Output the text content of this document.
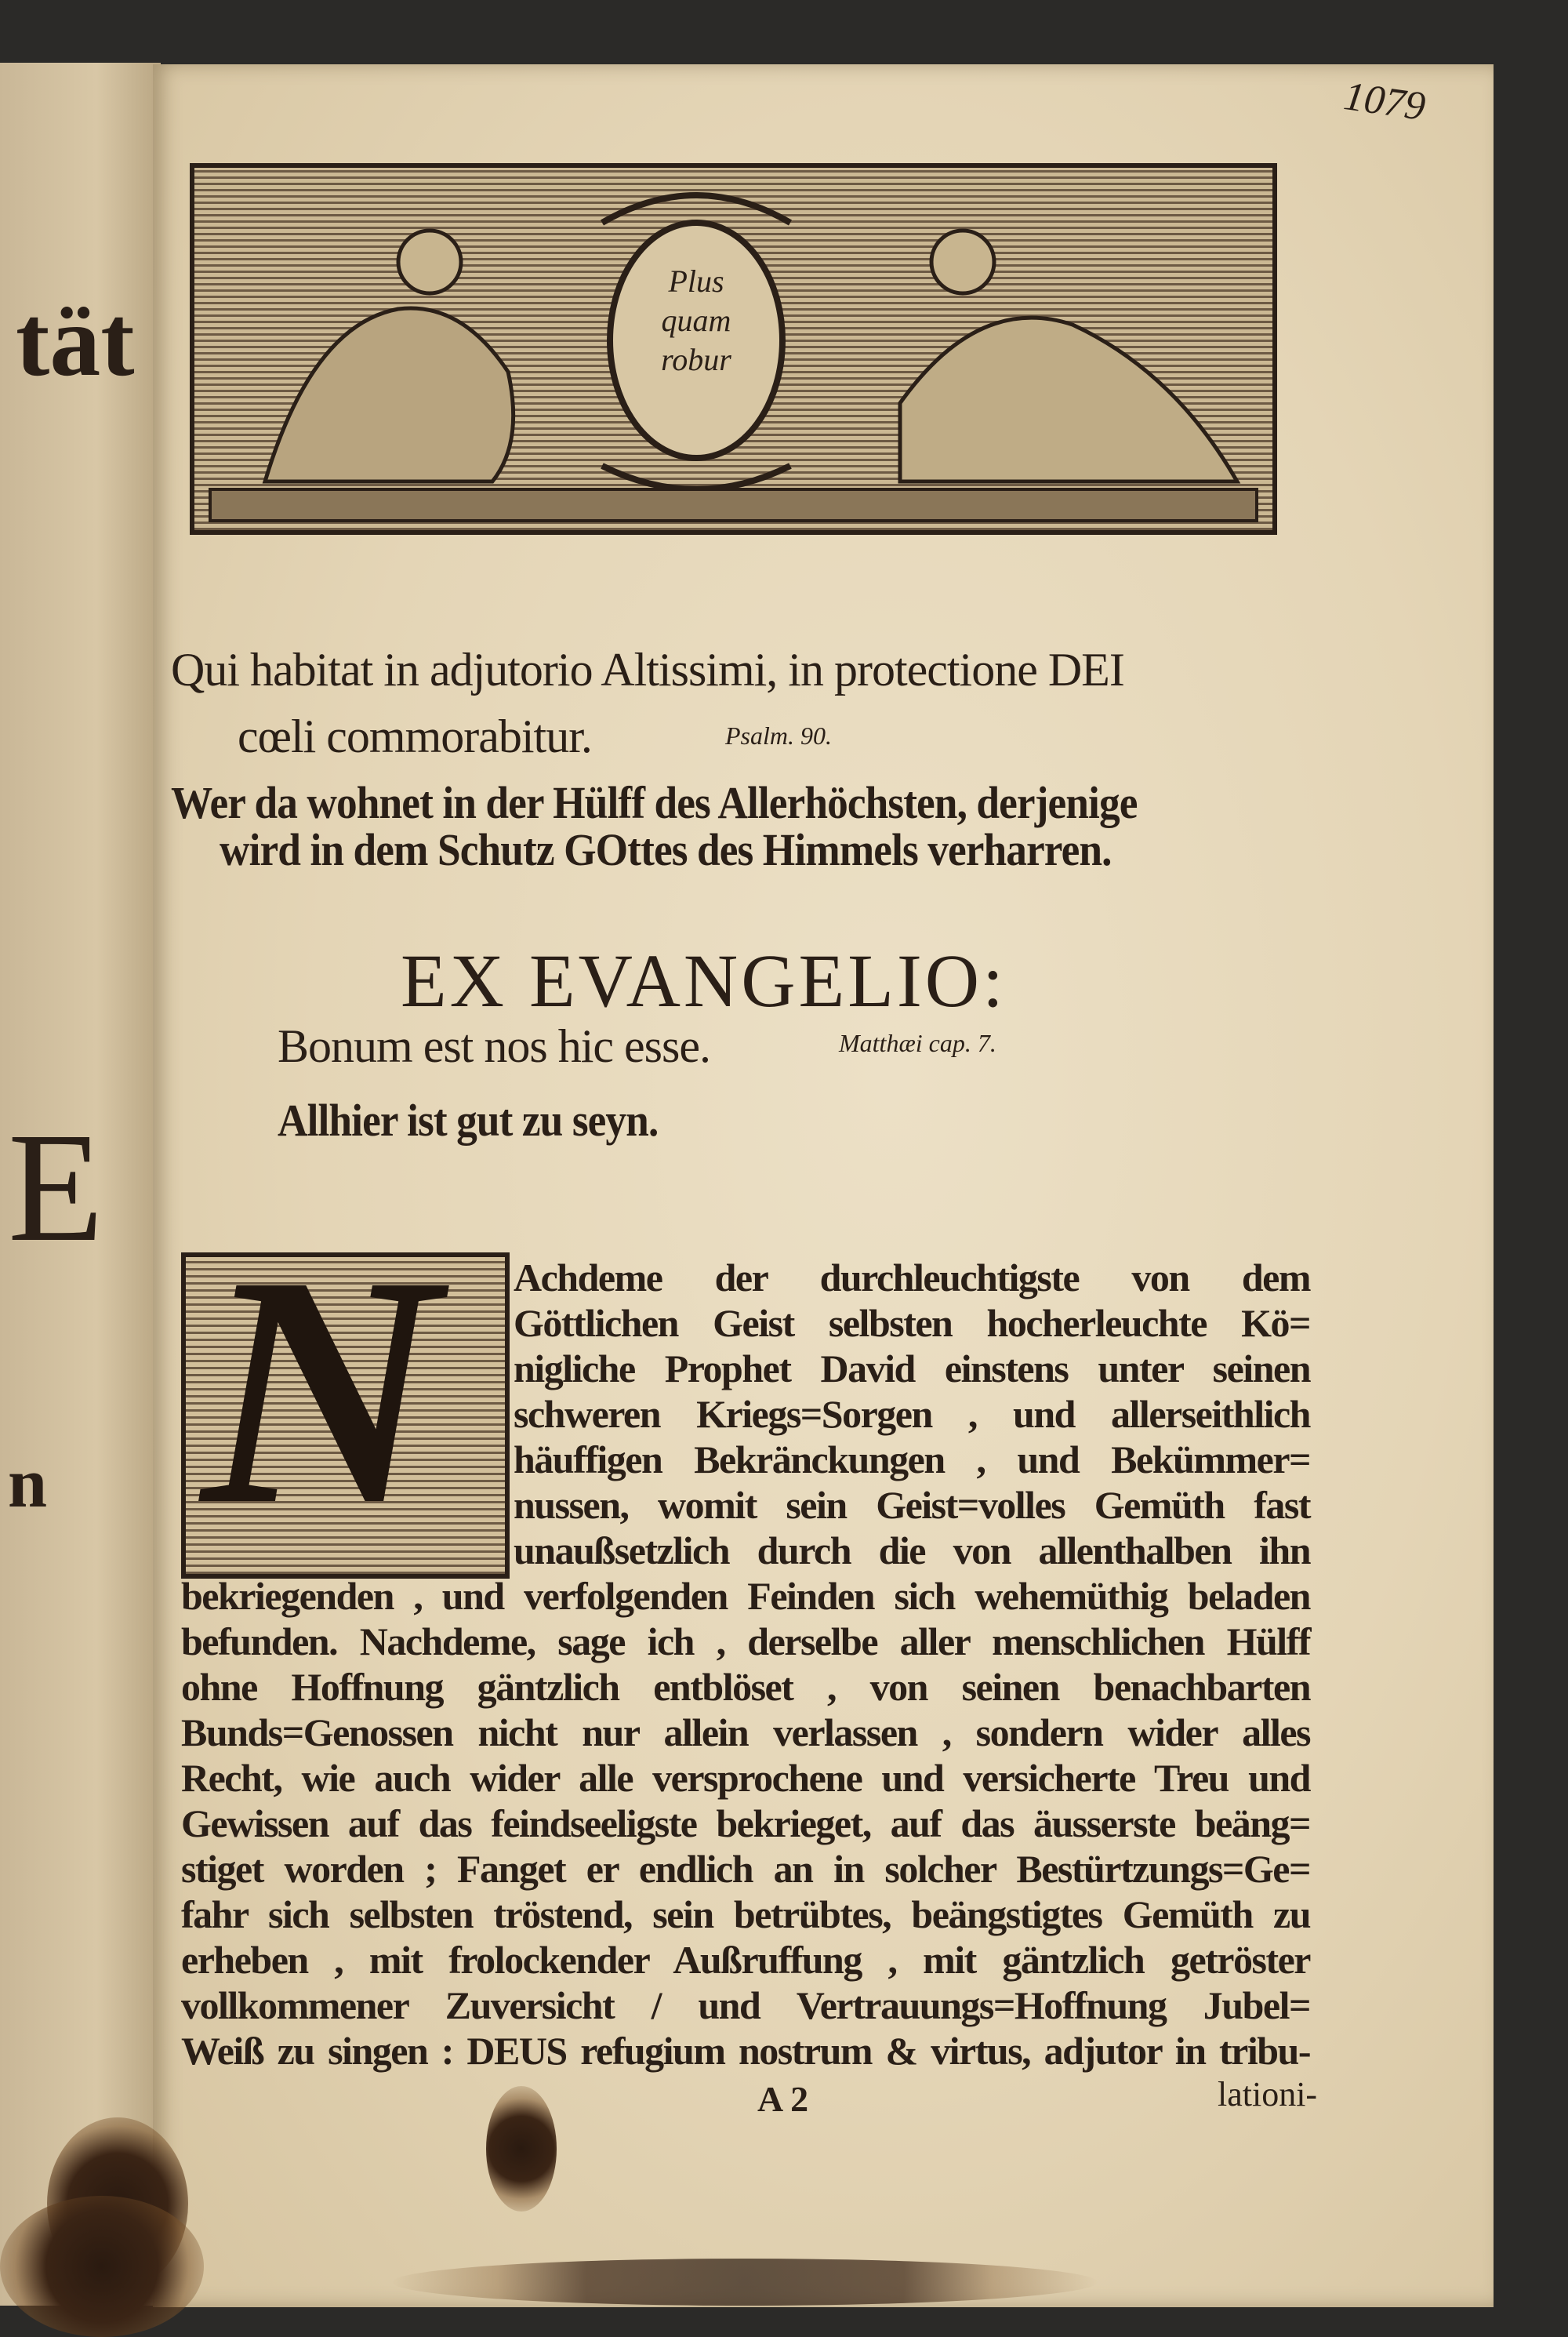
tät
E
n
1079
Plus quam robur
Qui habitat in adjutorio Altissimi, in protectione DEI
cœli commorabitur.	Psalm. 90.
Wer da wohnet in der Hülff des Allerhöchsten, derjenige
wird in dem Schutz GOttes des Himmels verharren.
EX EVANGELIO:
Bonum est nos hic esse.	Matthæi cap. 7.
Allhier ist gut zu seyn.
N Achdeme der durchleuchtigste von dem
Göttlichen Geist selbsten hocherleuchte Kö=
nigliche Prophet David einstens unter seinen
schweren Kriegs=Sorgen , und allerseithlich
häuffigen Bekränckungen , und Bekümmer=
nussen, womit sein Geist=volles Gemüth fast
unaußsetzlich durch die von allenthalben ihn
bekriegenden , und verfolgenden Feinden sich wehemüthig beladen
befunden. Nachdeme, sage ich , derselbe aller menschlichen Hülff
ohne Hoffnung gäntzlich entblöset , von seinen benachbarten
Bunds=Genossen nicht nur allein verlassen , sondern wider alles
Recht, wie auch wider alle versprochene und versicherte Treu und
Gewissen auf das feindseeligste bekrieget, auf das äusserste beäng=
stiget worden ; Fanget er endlich an in solcher Bestürtzungs=Ge=
fahr sich selbsten tröstend, sein betrübtes, beängstigtes Gemüth zu
erheben , mit frolockender Außruffung , mit gäntzlich getröster
vollkommener Zuversicht / und Vertrauungs=Hoffnung Jubel=
Weiß zu singen : DEUS refugium nostrum & virtus, adjutor in tribu-
A 2	lationi-
